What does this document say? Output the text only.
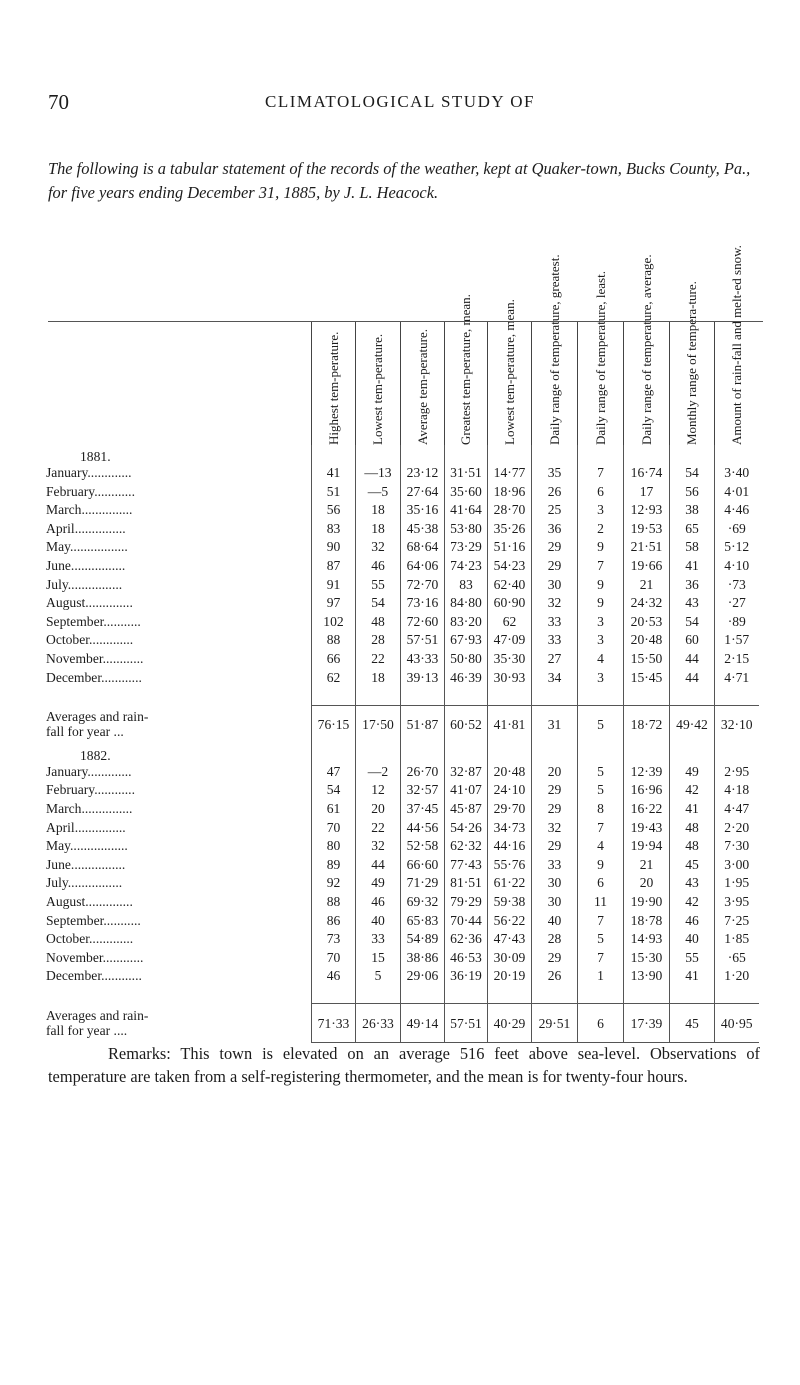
70	CLIMATOLOGICAL STUDY OF
The following is a tabular statement of the records of the weather, kept at Quaker-town, Bucks County, Pa., for five years ending December 31, 1885, by J. L. Heacock.

	Highest tem-perature.	Lowest tem-perature.	Average tem-perature.	Greatest tem-perature, mean.	Lowest tem-perature, mean.	Daily range of temperature, greatest.	Daily range of temperature, least.	Daily range of temperature, average.	Monthly range of tempera-ture.	Amount of rain-fall and melt-ed snow.

1881.										
January.............	41	—13	23·12	31·51	14·77	35	7	16·74	54	3·40
February............	51	—5	27·64	35·60	18·96	26	6	17	56	4·01
March...............	56	18	35·16	41·64	28·70	25	3	12·93	38	4·46
April...............	83	18	45·38	53·80	35·26	36	2	19·53	65	·69
May.................	90	32	68·64	73·29	51·16	29	9	21·51	58	5·12
June................	87	46	64·06	74·23	54·23	29	7	19·66	41	4·10
July................	91	55	72·70	83	62·40	30	9	21	36	·73
August..............	97	54	73·16	84·80	60·90	32	9	24·32	43	·27
September...........	102	48	72·60	83·20	62	33	3	20·53	54	·89
October.............	88	28	57·51	67·93	47·09	33	3	20·48	60	1·57
November............	66	22	43·33	50·80	35·30	27	4	15·50	44	2·15
December............	62	18	39·13	46·39	30·93	34	3	15·45	44	4·71

Averages and rain-
fall for year ...	76·15	17·50	51·87	60·52	41·81	31	5	18·72	49·42	32·10
1882.										
January.............	47	—2	26·70	32·87	20·48	20	5	12·39	49	2·95
February............	54	12	32·57	41·07	24·10	29	5	16·96	42	4·18
March...............	61	20	37·45	45·87	29·70	29	8	16·22	41	4·47
April...............	70	22	44·56	54·26	34·73	32	7	19·43	48	2·20
May.................	80	32	52·58	62·32	44·16	29	4	19·94	48	7·30
June................	89	44	66·60	77·43	55·76	33	9	21	45	3·00
July................	92	49	71·29	81·51	61·22	30	6	20	43	1·95
August..............	88	46	69·32	79·29	59·38	30	11	19·90	42	3·95
September...........	86	40	65·83	70·44	56·22	40	7	18·78	46	7·25
October.............	73	33	54·89	62·36	47·43	28	5	14·93	40	1·85
November............	70	15	38·86	46·53	30·09	29	7	15·30	55	·65
December............	46	5	29·06	36·19	20·19	26	1	13·90	41	1·20

Averages and rain-
fall for year ....	71·33	26·33	49·14	57·51	40·29	29·51	6	17·39	45	40·95
Remarks: This town is elevated on an average 516 feet above sea-level. Observations of temperature are taken from a self-registering thermometer, and the mean is for twenty-four hours.
